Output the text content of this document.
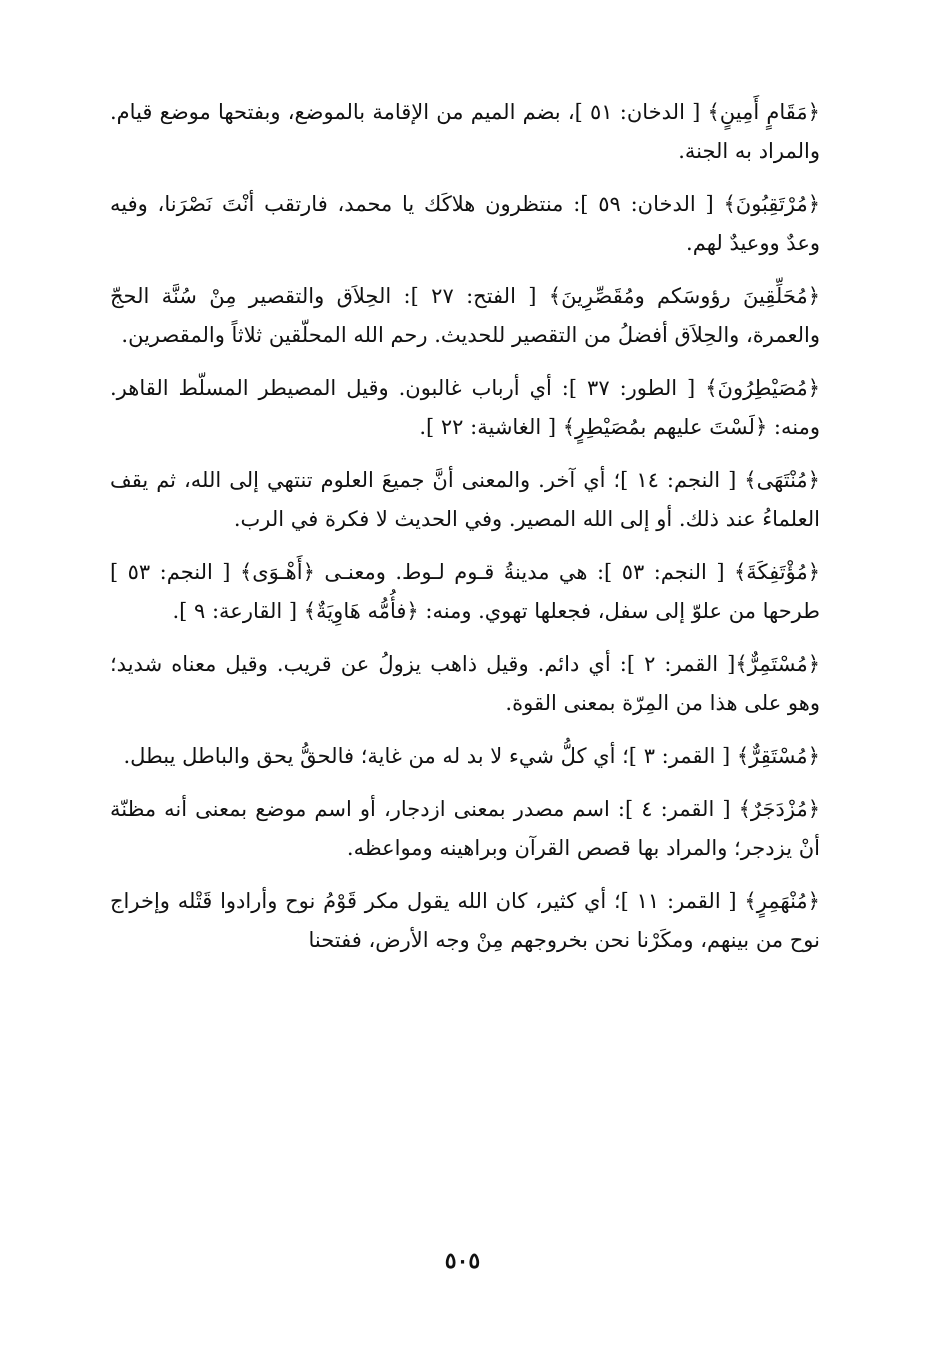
﴿مَقَامٍ أَمِينٍ﴾ [ الدخان: ٥١ ]، بضم الميم من الإقامة بالموضع، وبفتحها موضع قيام. والمراد به الجنة.

﴿مُرْتَقِبُونَ﴾ [ الدخان: ٥٩ ]: منتظرون هلاكَك يا محمد، فارتقب أنْتَ نَصْرَنا، وفيه وعدٌ ووعيدٌ لهم.

﴿مُحَلِّقِينَ رؤوسَكم ومُقَصِّرِينَ﴾ [ الفتح: ٢٧ ]: الحِلاَق والتقصير مِنْ سُنَّة الحجّ والعمرة، والحِلاَق أفضلُ من التقصير للحديث. رحم الله المحلّقين ثلاثاً والمقصرين.

﴿مُصَيْطِرُونَ﴾ [ الطور: ٣٧ ]: أي أرباب غالبون. وقيل المصيطر المسلّط القاهر. ومنه: ﴿لَسْتَ عليهم بمُصَيْطِرٍ﴾ [ الغاشية: ٢٢ ].

﴿مُنْتَهَى﴾ [ النجم: ١٤ ]؛ أي آخر. والمعنى أنَّ جميعَ العلوم تنتهي إلى الله، ثم يقف العلماءُ عند ذلك. أو إلى الله المصير. وفي الحديث لا فكرة في الرب.

﴿مُؤْتَفِكَةَ﴾ [ النجم: ٥٣ ]: هي مدينةُ قـوم لـوط. ومعنـى ﴿أَهْـوَى﴾ [ النجم: ٥٣ ] طرحها من علوّ إلى سفل، فجعلها تهوي. ومنه: ﴿فأُمُّه هَاوِيَةٌ﴾ [ القارعة: ٩ ].

﴿مُسْتَمِرٌّ﴾[ القمر: ٢ ]: أي دائم. وقيل ذاهب يزولُ عن قريب. وقيل معناه شديد؛ وهو على هذا من المِرّة بمعنى القوة.

﴿مُسْتَقِرٌّ﴾ [ القمر: ٣ ]؛ أي كلُّ شيء لا بد له من غاية؛ فالحقُّ يحق والباطل يبطل.

﴿مُزْدَجَرٌ﴾ [ القمر: ٤ ]: اسم مصدر بمعنى ازدجار، أو اسم موضع بمعنى أنه مظنّة أنْ يزدجر؛ والمراد بها قصص القرآن وبراهينه ومواعظه.

﴿مُنْهَمِرٍ﴾ [ القمر: ١١ ]؛ أي كثير، كان الله يقول مكر قَوْمُ نوح وأرادوا قَتْله وإخراج نوح من بينهم، ومكَرْنا نحن بخروجهم مِنْ وجه الأرض، ففتحنا

٥٠٥
